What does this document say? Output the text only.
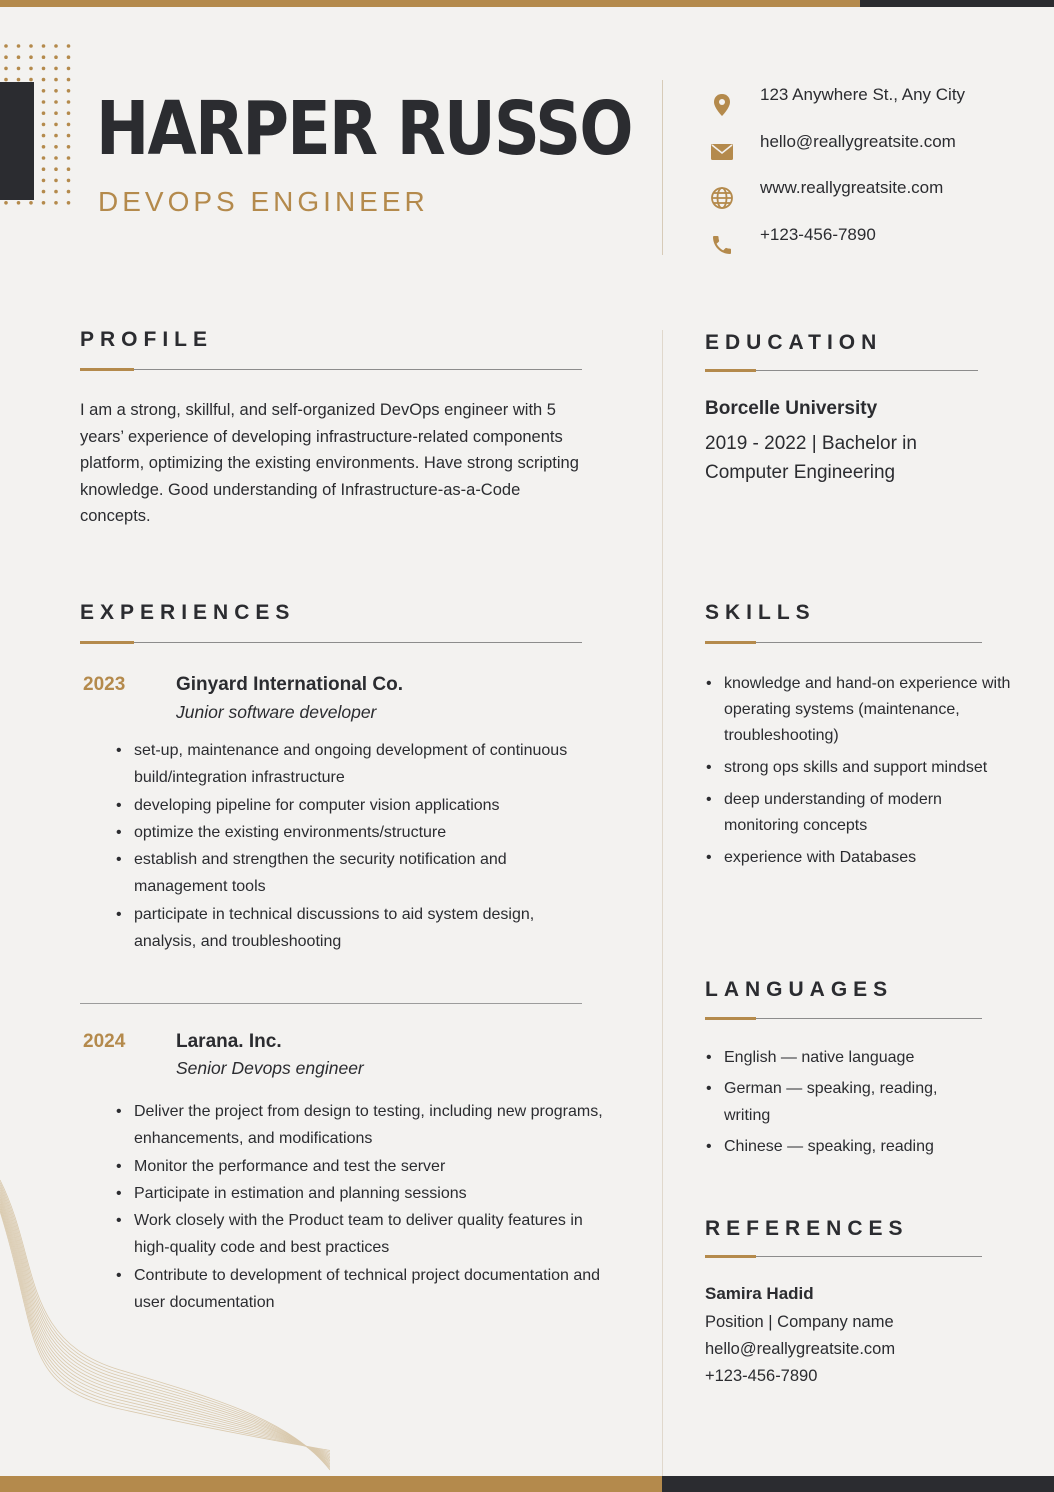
HARPER RUSSO
DEVOPS ENGINEER
123 Anywhere St., Any City
hello@reallygreatsite.com
www.reallygreatsite.com
+123-456-7890
PROFILE
I am a strong, skillful, and self-organized DevOps engineer with 5 years’ experience of developing infrastructure-related components platform, optimizing the existing environments. Have strong scripting knowledge. Good understanding of Infrastructure-as-a-Code concepts.
EXPERIENCES
2023	Ginyard International Co.
Junior software developer
• set-up, maintenance and ongoing development of continuous build/integration infrastructure
• developing pipeline for computer vision applications
• optimize the existing environments/structure
• establish and strengthen the security notification and management tools
• participate in technical discussions to aid system design, analysis, and troubleshooting
2024	Larana. Inc.
Senior Devops engineer
• Deliver the project from design to testing, including new programs, enhancements, and modifications
• Monitor the performance and test the server
• Participate in estimation and planning sessions
• Work closely with the Product team to deliver quality features in high-quality code and best practices
• Contribute to development of technical project documentation and user documentation
EDUCATION
Borcelle University
2019 - 2022 | Bachelor in Computer Engineering
SKILLS
• knowledge and hand-on experience with operating systems (maintenance, troubleshooting)
• strong ops skills and support mindset
• deep understanding of modern monitoring concepts
• experience with Databases
LANGUAGES
• English — native language
• German — speaking, reading, writing
• Chinese — speaking, reading
REFERENCES
Samira Hadid
Position | Company name
hello@reallygreatsite.com
+123-456-7890
